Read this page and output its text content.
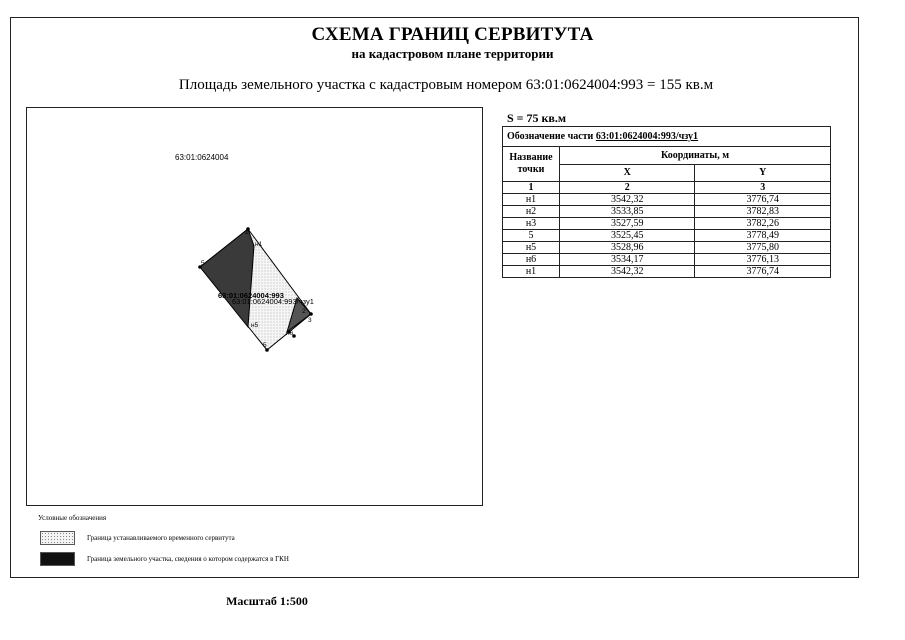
СХЕМА ГРАНИЦ СЕРВИТУТА
на кадастровом плане территории
Площадь земельного участка с кадастровым номером 63:01:0624004:993 = 155 кв.м
63:01:0624004
63:01:0624004:993
63:01:0624004:993/чзу1
1
н1
2
3
5
н5
н6
5
Масштаб 1:500
S = 75 кв.м
Обозначение части 63:01:0624004:993/чзу1		
Название точки	Координаты, м	
	X	Y
1	2	3
н1	3542,32	3776,74
н2	3533,85	3782,83
н3	3527,59	3782,26
5	3525,45	3778,49
н5	3528,96	3775,80
н6	3534,17	3776,13
н1	3542,32	3776,74
Условные обозначения
Граница устанавливаемого временного сервитута
Граница земельного участка, сведения о котором содержатся в ГКН
